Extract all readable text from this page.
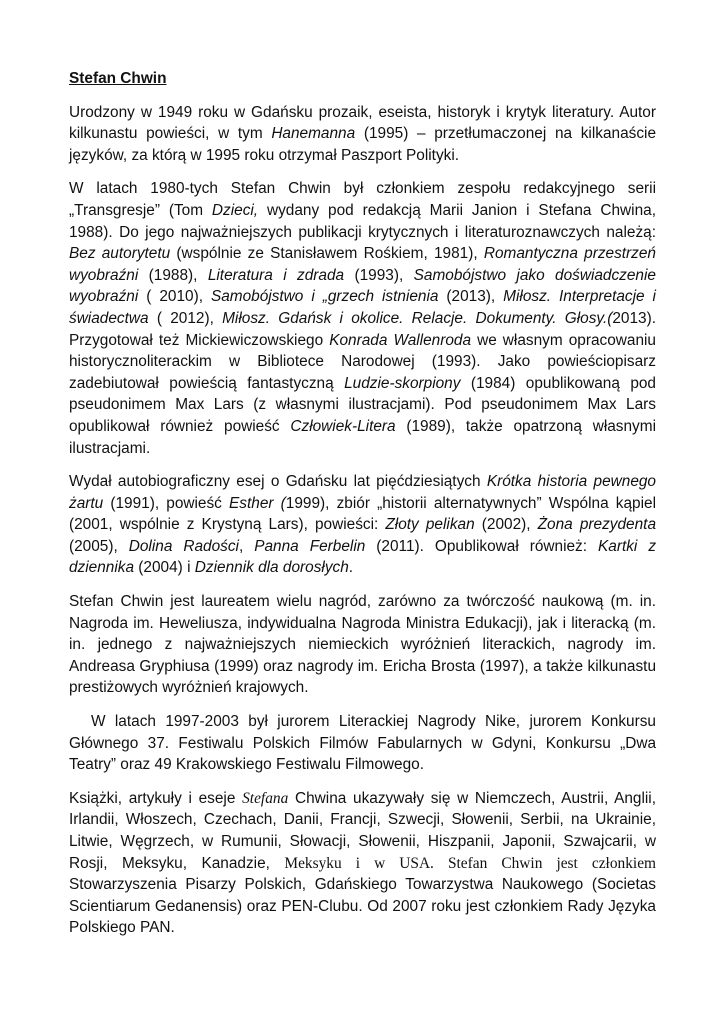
Stefan Chwin

Urodzony w 1949 roku w Gdańsku prozaik, eseista, historyk i krytyk literatury. Autor kilkunastu powieści, w tym Hanemanna (1995) – przetłumaczonej na kilkanaście języków, za którą w 1995 roku otrzymał Paszport Polityki.

W latach 1980-tych Stefan Chwin był członkiem zespołu redakcyjnego serii „Transgresje” (Tom Dzieci, wydany pod redakcją Marii Janion i Stefana Chwina, 1988). Do jego najważniejszych publikacji krytycznych i literaturoznawczych należą: Bez autorytetu (wspólnie ze Stanisławem Rośkiem, 1981), Romantyczna przestrzeń wyobraźni (1988), Literatura i zdrada (1993), Samobójstwo jako doświadczenie wyobraźni ( 2010), Samobójstwo i „grzech istnienia (2013), Miłosz. Interpretacje i świadectwa ( 2012), Miłosz. Gdańsk i okolice. Relacje. Dokumenty. Głosy.(2013). Przygotował też Mickiewiczowskiego Konrada Wallenroda we własnym opracowaniu historycznoliterackim w Bibliotece Narodowej (1993). Jako powieściopisarz zadebiutował powieścią fantastyczną Ludzie-skorpiony (1984) opublikowaną pod pseudonimem Max Lars (z własnymi ilustracjami). Pod pseudonimem Max Lars opublikował również powieść Człowiek-Litera (1989), także opatrzoną własnymi ilustracjami.

Wydał autobiograficzny esej o Gdańsku lat pięćdziesiątych Krótka historia pewnego żartu (1991), powieść Esther (1999), zbiór „historii alternatywnych” Wspólna kąpiel (2001, wspólnie z Krystyną Lars), powieści: Złoty pelikan (2002), Żona prezydenta (2005), Dolina Radości, Panna Ferbelin (2011). Opublikował również: Kartki z dziennika (2004) i Dziennik dla dorosłych.

Stefan Chwin jest laureatem wielu nagród, zarówno za twórczość naukową (m. in. Nagroda im. Heweliusza, indywidualna Nagroda Ministra Edukacji), jak i literacką (m. in. jednego z najważniejszych niemieckich wyróżnień literackich, nagrody im. Andreasa Gryphiusa (1999) oraz nagrody im. Ericha Brosta (1997), a także kilkunastu prestiżowych wyróżnień krajowych.

W latach 1997-2003 był jurorem Literackiej Nagrody Nike, jurorem Konkursu Głównego 37. Festiwalu Polskich Filmów Fabularnych w Gdyni, Konkursu „Dwa Teatry” oraz 49 Krakowskiego Festiwalu Filmowego.

Książki, artykuły i eseje Stefana Chwina ukazywały się w Niemczech, Austrii, Anglii, Irlandii, Włoszech, Czechach, Danii, Francji, Szwecji, Słowenii, Serbii, na Ukrainie, Litwie, Węgrzech, w Rumunii, Słowacji, Słowenii, Hiszpanii, Japonii, Szwajcarii, w Rosji, Meksyku, Kanadzie, Meksyku i w USA. Stefan Chwin jest członkiem Stowarzyszenia Pisarzy Polskich, Gdańskiego Towarzystwa Naukowego (Societas Scientiarum Gedanensis) oraz PEN-Clubu. Od 2007 roku jest członkiem Rady Języka Polskiego PAN.
